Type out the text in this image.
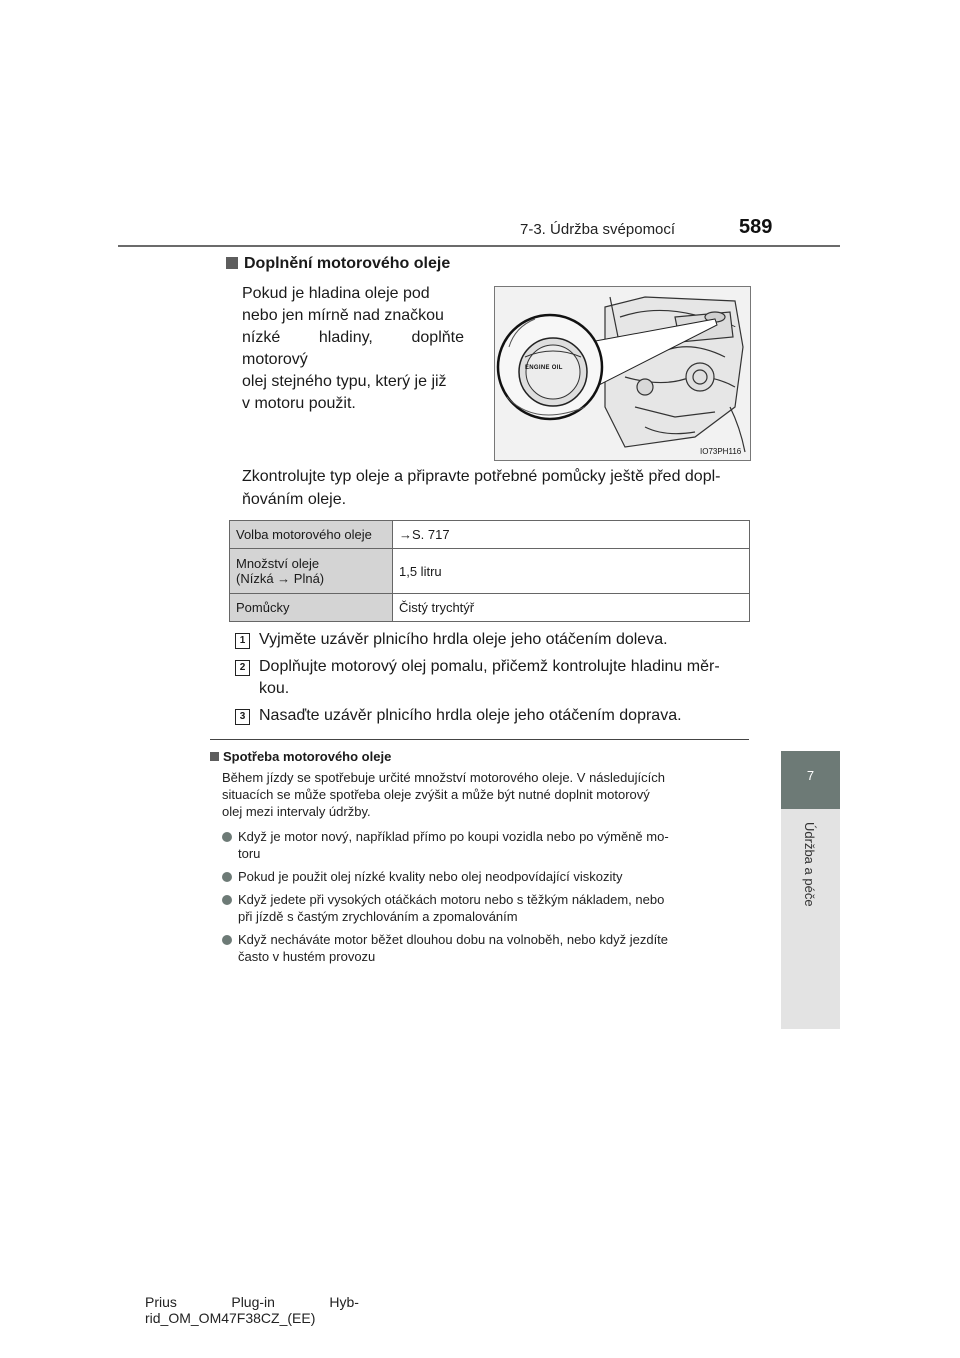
7-3. Údržba svépomocí	589
7
Údržba a péče
Doplnění motorového oleje
Pokud je hladina oleje pod
nebo jen mírně nad značkou
nízké hladiny, doplňte motorový
olej stejného typu, který je již
v motoru použit.
ENGINE OIL
IO73PH116
Zkontrolujte typ oleje a připravte potřebné pomůcky ještě před dopl-
ňováním oleje.
Volba motorového oleje	→S. 717

Množství oleje
(Nízká → Plná)	1,5 litru

Pomůcky	Čistý trychtýř
1 Vyjměte uzávěr plnicího hrdla oleje jeho otáčením doleva.
2 Doplňujte motorový olej pomalu, přičemž kontrolujte hladinu měr-
kou.
3 Nasaďte uzávěr plnicího hrdla oleje jeho otáčením doprava.
Spotřeba motorového oleje
Během jízdy se spotřebuje určité množství motorového oleje. V následujících
situacích se může spotřeba oleje zvýšit a může být nutné doplnit motorový
olej mezi intervaly údržby.
Když je motor nový, například přímo po koupi vozidla nebo po výměně mo-
toru
Pokud je použit olej nízké kvality nebo olej neodpovídající viskozity
Když jedete při vysokých otáčkách motoru nebo s těžkým nákladem, nebo
při jízdě s častým zrychlováním a zpomalováním
Když necháváte motor běžet dlouhou dobu na volnoběh, nebo když jezdíte
často v hustém provozu
Prius              Plug-in              Hyb-
rid_OM_OM47F38CZ_(EE)
